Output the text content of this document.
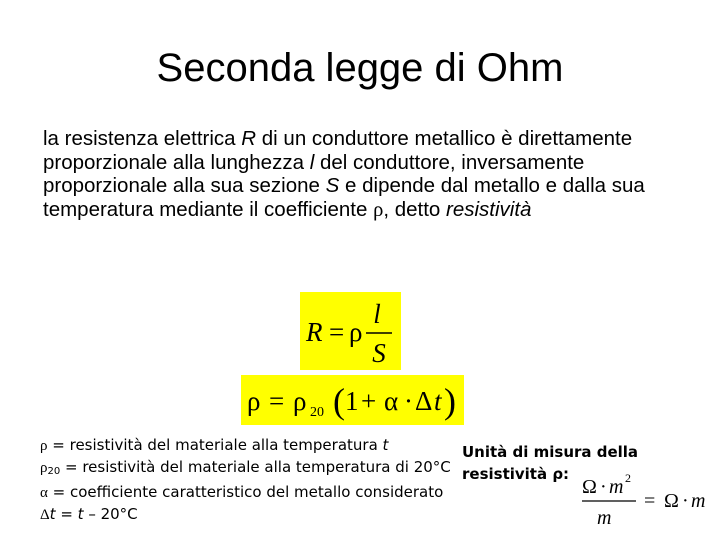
Seconda legge di Ohm
la resistenza elettrica R di un conduttore metallico è direttamente proporzionale alla lunghezza l del conduttore, inversamente proporzionale alla sua sezione S e dipende dal metallo e dalla sua temperatura mediante il coefficiente ρ, detto resistività
R = ρ
l
S
ρ = ρ 20 ( 1 + α · Δ t )
ρ = resistività del materiale alla temperatura t
$\rho_{20}$ = resistività del materiale alla temperatura di 20°C
α = coefficiente caratteristico del metallo considerato
Δt = t – 20°C
Unità di misura della
resistività ρ:
Ω · m 2
m
= Ω · m
